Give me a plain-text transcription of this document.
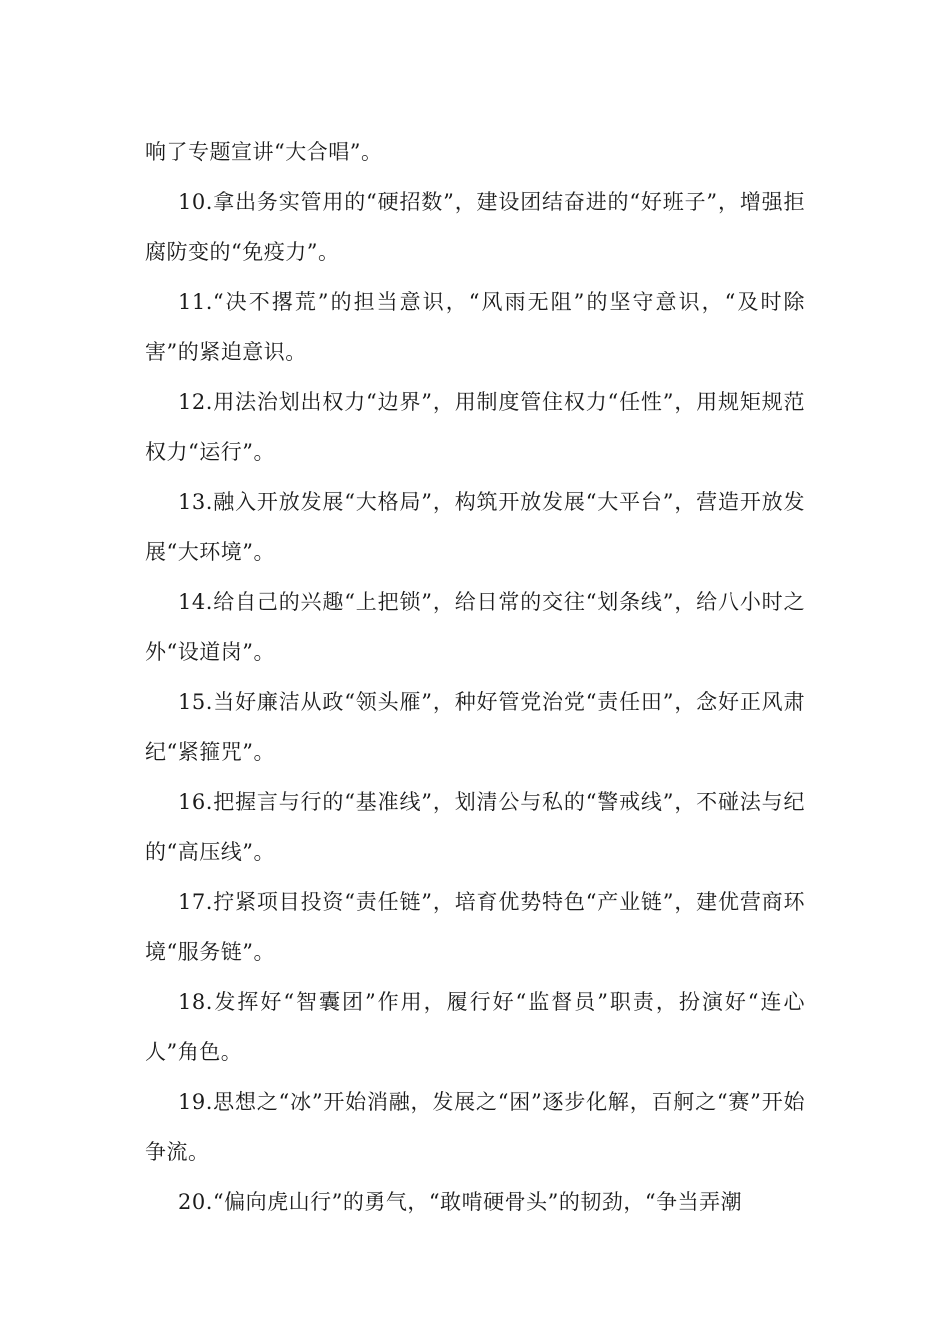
响了专题宣讲“大合唱”。

10.拿出务实管用的“硬招数”，建设团结奋进的“好班子”，增强拒腐防变的“免疫力”。

11.“决不撂荒”的担当意识，“风雨无阻”的坚守意识，“及时除害”的紧迫意识。

12.用法治划出权力“边界”，用制度管住权力“任性”，用规矩规范权力“运行”。

13.融入开放发展“大格局”，构筑开放发展“大平台”，营造开放发展“大环境”。

14.给自己的兴趣“上把锁”，给日常的交往“划条线”，给八小时之外“设道岗”。

15.当好廉洁从政“领头雁”，种好管党治党“责任田”，念好正风肃纪“紧箍咒”。

16.把握言与行的“基准线”，划清公与私的“警戒线”，不碰法与纪的“高压线”。

17.拧紧项目投资“责任链”，培育优势特色“产业链”，建优营商环境“服务链”。

18.发挥好“智囊团”作用，履行好“监督员”职责，扮演好“连心人”角色。

19.思想之“冰”开始消融，发展之“困”逐步化解，百舸之“赛”开始争流。

20.“偏向虎山行”的勇气，“敢啃硬骨头”的韧劲，“争当弄潮
